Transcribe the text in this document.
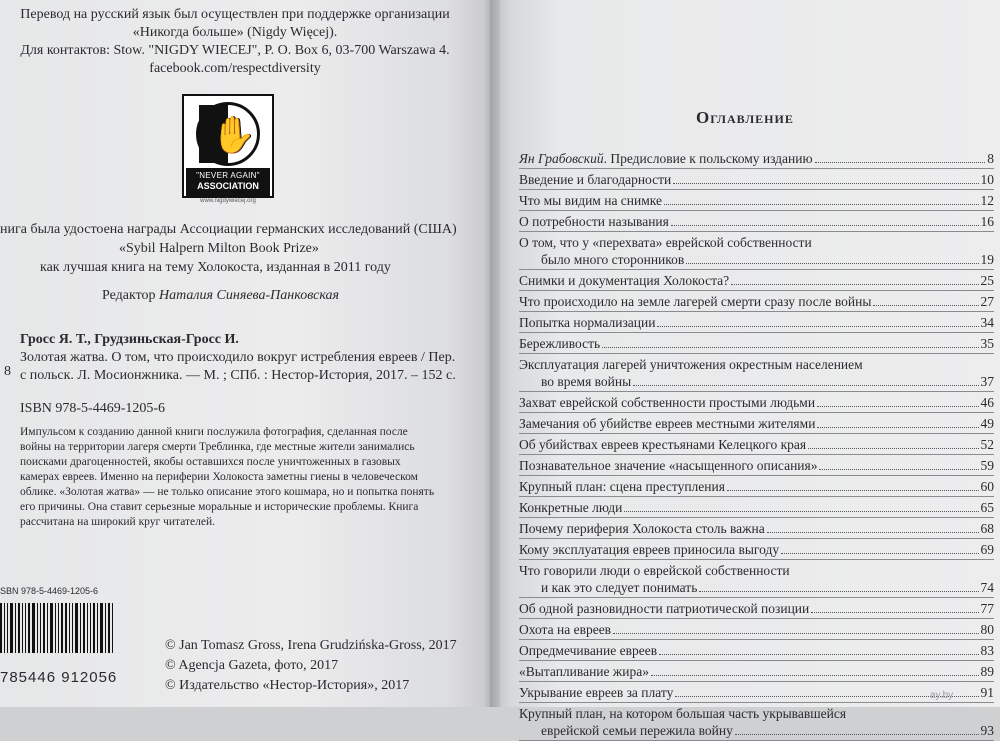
Перевод на русский язык был осуществлен при поддержке организации
«Никогда больше» (Nigdy Więcej).
Для контактов: Stow. "NIGDY WIECEJ", P. O. Box 6, 03-700 Warszawa 4.
facebook.com/respectdiversity
✋
"NEVER AGAIN"
ASSOCIATION
www.nigdywiecej.org
нига была удостоена награды Ассоциации германских исследований (США)
«Sybil Halpern Milton Book Prize»
как лучшая книга на тему Холокоста, изданная в 2011 году
Редактор Наталия Синяева-Панковская
8
Гросс Я. Т., Грудзиньская-Гросс И.
Золотая жатва. О том, что происходило вокруг истребления евреев / Пер.
с польск. Л. Мосионжника. — М. ; СПб. : Нестор-История, 2017. – 152 с.
ISBN 978-5-4469-1205-6
Импульсом к созданию данной книги послужила фотография, сделанная после
войны на территории лагеря смерти Треблинка, где местные жители занимались
поисками драгоценностей, якобы оставшихся после уничтоженных в газовых
камерах евреев. Именно на периферии Холокоста заметны гиены в человеческом
облике. «Золотая жатва» — не только описание этого кошмара, но и попытка понять
его причины. Она ставит серьезные моральные и исторические проблемы. Книга
рассчитана на широкий круг читателей.
SBN 978-5-4469-1205-6
785446 912056
© Jan Tomasz Gross, Irena Grudzińska-Gross, 2017
© Agencja Gazeta, фото, 2017
© Издательство «Нестор-История», 2017
Оглавление
Ян Грабовский. Предисловие к польскому изданию	8
Введение и благодарности	10
Что мы видим на снимке	12
О потребности называния	16
О том, что у «перехвата» еврейской собственности
было много сторонников	19
Снимки и документация Холокоста?	25
Что происходило на земле лагерей смерти сразу после войны	27
Попытка нормализации	34
Бережливость	35
Эксплуатация лагерей уничтожения окрестным населением
во время войны	37
Захват еврейской собственности простыми людьми	46
Замечания об убийстве евреев местными жителями	49
Об убийствах евреев крестьянами Келецкого края	52
Познавательное значение «насыщенного описания»	59
Крупный план: сцена преступления	60
Конкретные люди	65
Почему периферия Холокоста столь важна	68
Кому эксплуатация евреев приносила выгоду	69
Что говорили люди о еврейской собственности
и как это следует понимать	74
Об одной разновидности патриотической позиции	77
Охота на евреев	80
Опредмечивание евреев	83
«Вытапливание жира»	89
Укрывание евреев за плату	91
Крупный план, на котором большая часть укрывавшейся
еврейской семьи пережила войну	93
ay.by
